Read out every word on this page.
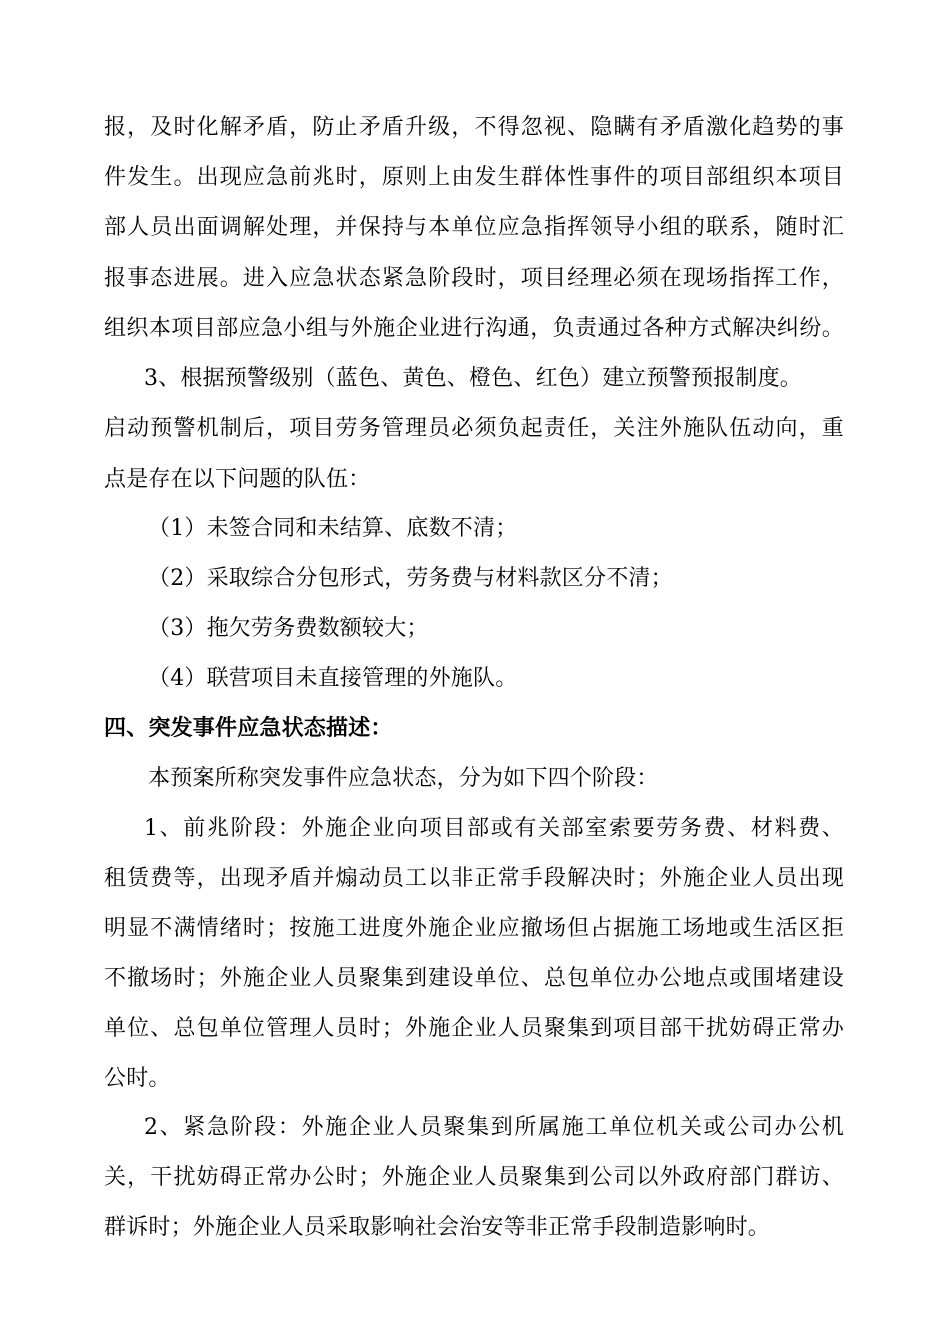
报，及时化解矛盾，防止矛盾升级，不得忽视、隐瞒有矛盾激化趋势的事
件发生。出现应急前兆时，原则上由发生群体性事件的项目部组织本项目
部人员出面调解处理，并保持与本单位应急指挥领导小组的联系，随时汇
报事态进展。进入应急状态紧急阶段时，项目经理必须在现场指挥工作，
组织本项目部应急小组与外施企业进行沟通，负责通过各种方式解决纠纷。
3、根据预警级别（蓝色、黄色、橙色、红色）建立预警预报制度。
启动预警机制后，项目劳务管理员必须负起责任，关注外施队伍动向，重
点是存在以下问题的队伍：
（1）未签合同和未结算、底数不清；
（2）采取综合分包形式，劳务费与材料款区分不清；
（3）拖欠劳务费数额较大；
（4）联营项目未直接管理的外施队。
四、突发事件应急状态描述：
本预案所称突发事件应急状态，分为如下四个阶段：
1、前兆阶段：外施企业向项目部或有关部室索要劳务费、材料费、
租赁费等，出现矛盾并煽动员工以非正常手段解决时；外施企业人员出现
明显不满情绪时；按施工进度外施企业应撤场但占据施工场地或生活区拒
不撤场时；外施企业人员聚集到建设单位、总包单位办公地点或围堵建设
单位、总包单位管理人员时；外施企业人员聚集到项目部干扰妨碍正常办
公时。
2、紧急阶段：外施企业人员聚集到所属施工单位机关或公司办公机
关，干扰妨碍正常办公时；外施企业人员聚集到公司以外政府部门群访、
群诉时；外施企业人员采取影响社会治安等非正常手段制造影响时。
